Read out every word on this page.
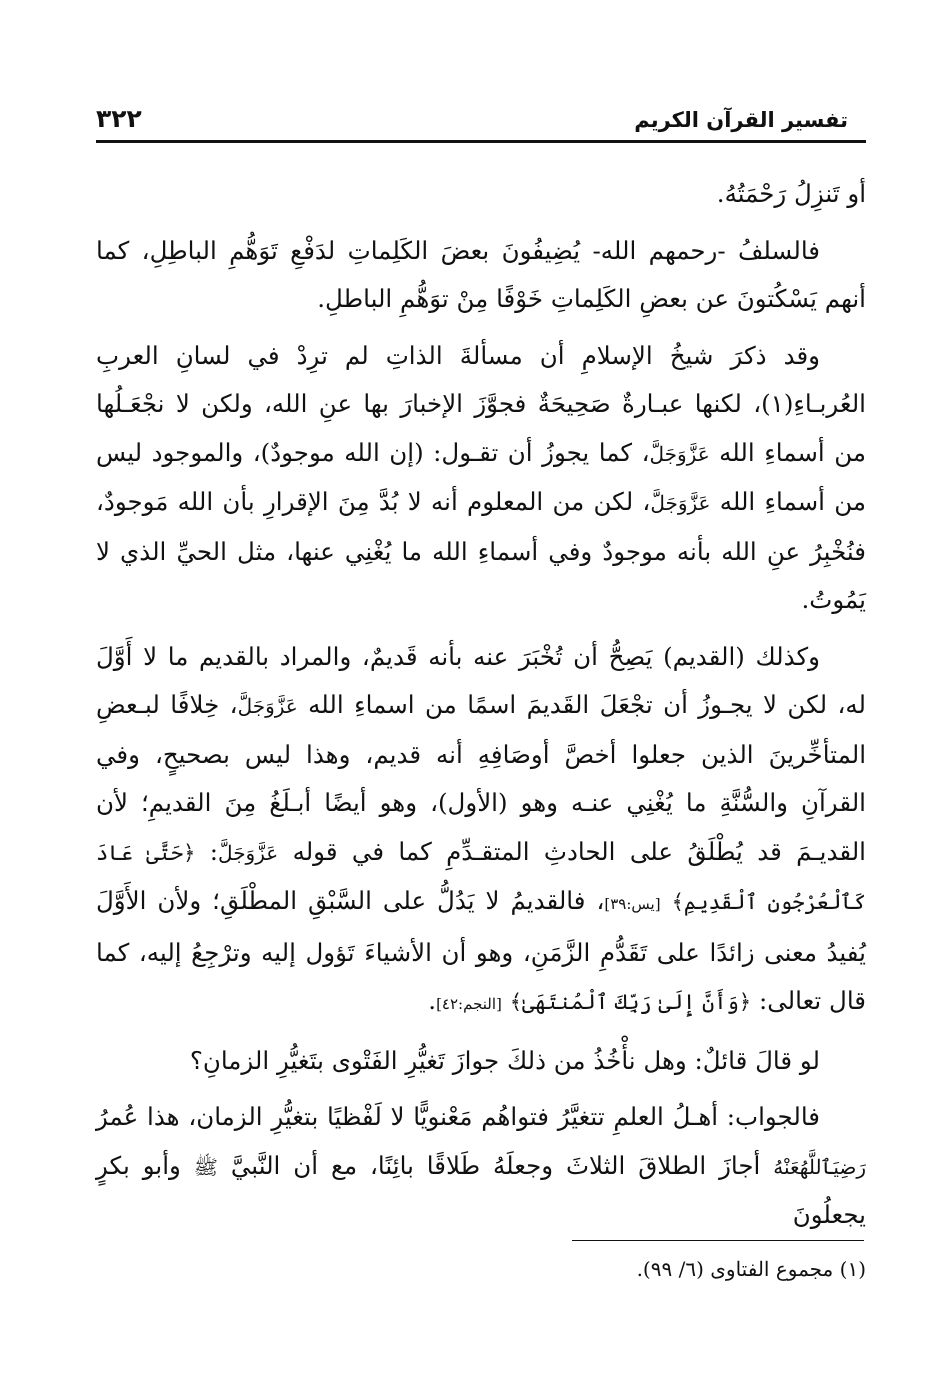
تفسير القرآن الكريم
٣٢٢

أو تَنزِلُ رَحْمَتُهُ.

فالسلفُ -رحمهم الله- يُضِيفُونَ بعضَ الكَلِماتِ لدَفْعِ تَوَهُّمِ الباطِلِ، كما أنهم يَسْكُتونَ عن بعضِ الكَلِماتِ خَوْفًا مِنْ توَهُّمِ الباطلِ.

وقد ذكرَ شيخُ الإسلامِ أن مسألةَ الذاتِ لم ترِدْ في لسانِ العربِ العُربـاءِ(١)، لكنها عبـارةٌ صَحِيحَةٌ فجوَّزَ الإخبارَ بها عنِ الله، ولكن لا نجْعَـلُها من أسماءِ الله عَزَّوَجَلَّ، كما يجوزُ أن تقـول: (إن الله موجودٌ)، والموجود ليس من أسماءِ الله عَزَّوَجَلَّ، لكن من المعلوم أنه لا بُدَّ مِنَ الإقرارِ بأن الله مَوجودٌ، فنُخْبِرُ عنِ الله بأنه موجودٌ وفي أسماءِ الله ما يُغْنِي عنها، مثل الحيِّ الذي لا يَمُوتُ.

وكذلك (القديم) يَصِحُّ أن تُخْبَرَ عنه بأنه قَديمٌ، والمراد بالقديم ما لا أَوَّلَ له، لكن لا يجـوزُ أن تجْعَلَ القَديمَ اسمًا من اسماءِ الله عَزَّوَجَلَّ، خِلافًا لبـعضِ المتأخِّرينَ الذين جعلوا أخصَّ أوصَافِهِ أنه قديم، وهذا ليس بصحيحٍ، وفي القرآنِ والسُّنَّةِ ما يُغْنِي عنـه وهو (الأول)، وهو أيضًا أبـلَغُ مِنَ القديمِ؛ لأن القديـمَ قد يُطْلَقُ على الحادثِ المتقـدِّمِ كما في قوله عَزَّوَجَلَّ: ﴿حَتَّىٰ عَادَ كَٱلْعُرْجُونِ ٱلْقَدِيمِ﴾ [يس:٣٩]، فالقديمُ لا يَدُلُّ على السَّبْقِ المطْلَقِ؛ ولأن الأَوَّلَ يُفيدُ معنى زائدًا على تَقَدُّمِ الزَّمَنِ، وهو أن الأشياءَ تَؤول إليه وترْجِعُ إليه، كما قال تعالى: ﴿وَأَنَّ إِلَىٰ رَبِّكَ ٱلْمُنتَهَىٰ﴾ [النجم:٤٢].

لو قالَ قائلٌ: وهل نأْخُذُ من ذلكَ جوازَ تَغيُّرِ الفَتْوى بتَغيُّرِ الزمانِ؟

فالجواب: أهـلُ العلمِ تتغيَّرُ فتواهُم مَعْنويًّا لا لَفْظيًا بتغيُّرِ الزمان، هذا عُمرُ رَضِيَٱللَّهُعَنْهُ أجازَ الطلاقَ الثلاثَ وجعلَهُ طَلاقًا بائِنًا، مع أن النَّبيَّ ﷺ وأبو بكرٍ يجعلُونَ

(١) مجموع الفتاوى (٦/ ٩٩).
